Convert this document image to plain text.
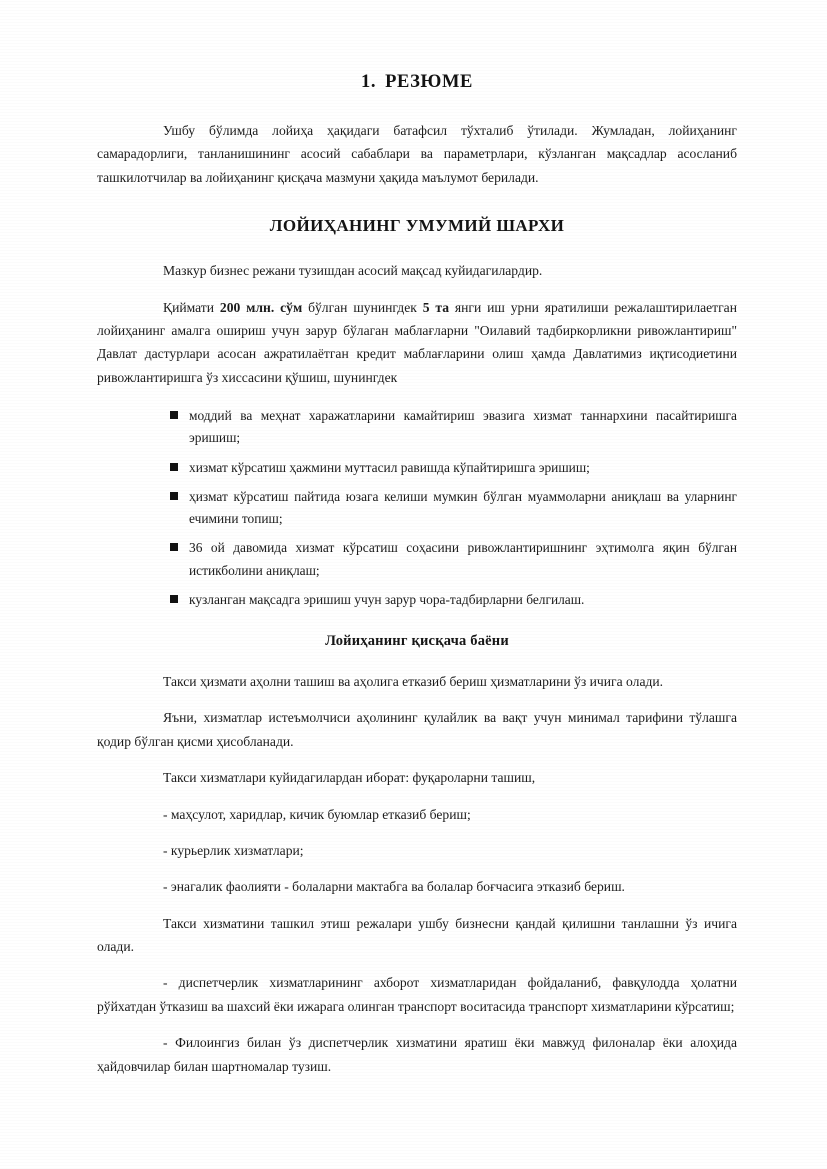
1. РЕЗЮМЕ

Ушбу бўлимда лойиҳа ҳақидаги батафсил тўхталиб ўтилади. Жумладан, лойиҳанинг самарадорлиги, танланишининг асосий сабаблари ва параметрлари, кўзланган мақсадлар асосланиб ташкилотчилар ва лойиҳанинг қисқача мазмуни ҳақида маълумот берилади.

ЛОЙИҲАНИНГ УМУМИЙ ШАРХИ

Мазкур бизнес режани тузишдан асосий мақсад куйидагилардир.

Қиймати 200 млн. сўм бўлган шунингдек 5 та янги иш урни яратилиши режалаштирилаетган лойиҳанинг амалга ошириш учун зарур бўлаган маблағларни "Оилавий тадбиркорликни ривожлантириш" Давлат дастурлари асосан ажратилаётган кредит маблағларини олиш ҳамда Давлатимиз иқтисодиетини ривожлантиришга ўз хиссасини қўшиш, шунингдек

моддий ва меҳнат харажатларини камайтириш эвазига хизмат таннархини пасайтиришга эришиш;
хизмат кўрсатиш ҳажмини муттасил равишда кўпайтиришга эришиш;
ҳизмат кўрсатиш пайтида юзага келиши мумкин бўлган муаммоларни аниқлаш ва уларнинг ечимини топиш;
36 ой давомида хизмат кўрсатиш соҳасини ривожлантиришнинг эҳтимолга яқин бўлган истикболини аниқлаш;
кузланган мақсадга эришиш учун зарур чора-тадбирларни белгилаш.
Лойиҳанинг қисқача баёни

Такси ҳизмати аҳолни ташиш ва аҳолига етказиб бериш ҳизматларини ўз ичига олади.

Яъни, хизматлар истеъмолчиси аҳолининг қулайлик ва вақт учун минимал тарифини тўлашга қодир бўлган қисми ҳисобланади.

Такси хизматлари куйидагилардан иборат: фуқароларни ташиш,

- маҳсулот, харидлар, кичик буюмлар етказиб бериш;

- курьерлик хизматлари;

- энагалик фаолияти - болаларни мактабга ва болалар боғчасига эткaзиб бериш.

Такси хизматини ташкил этиш режалари ушбу бизнесни қандай қилишни танлашни ўз ичига олади.

- диспетчерлик хизматларининг ахборот хизматларидан фойдаланиб, фавқулодда ҳолатни рўйхатдан ўтказиш ва шахсий ёки ижарага олинган транспорт воситасида транспорт хизматларини кўрсатиш;

- Филоингиз билан ўз диспетчерлик хизматини яратиш ёки мавжуд филоналар ёки алоҳида ҳайдовчилар билан шартномалар тузиш.
